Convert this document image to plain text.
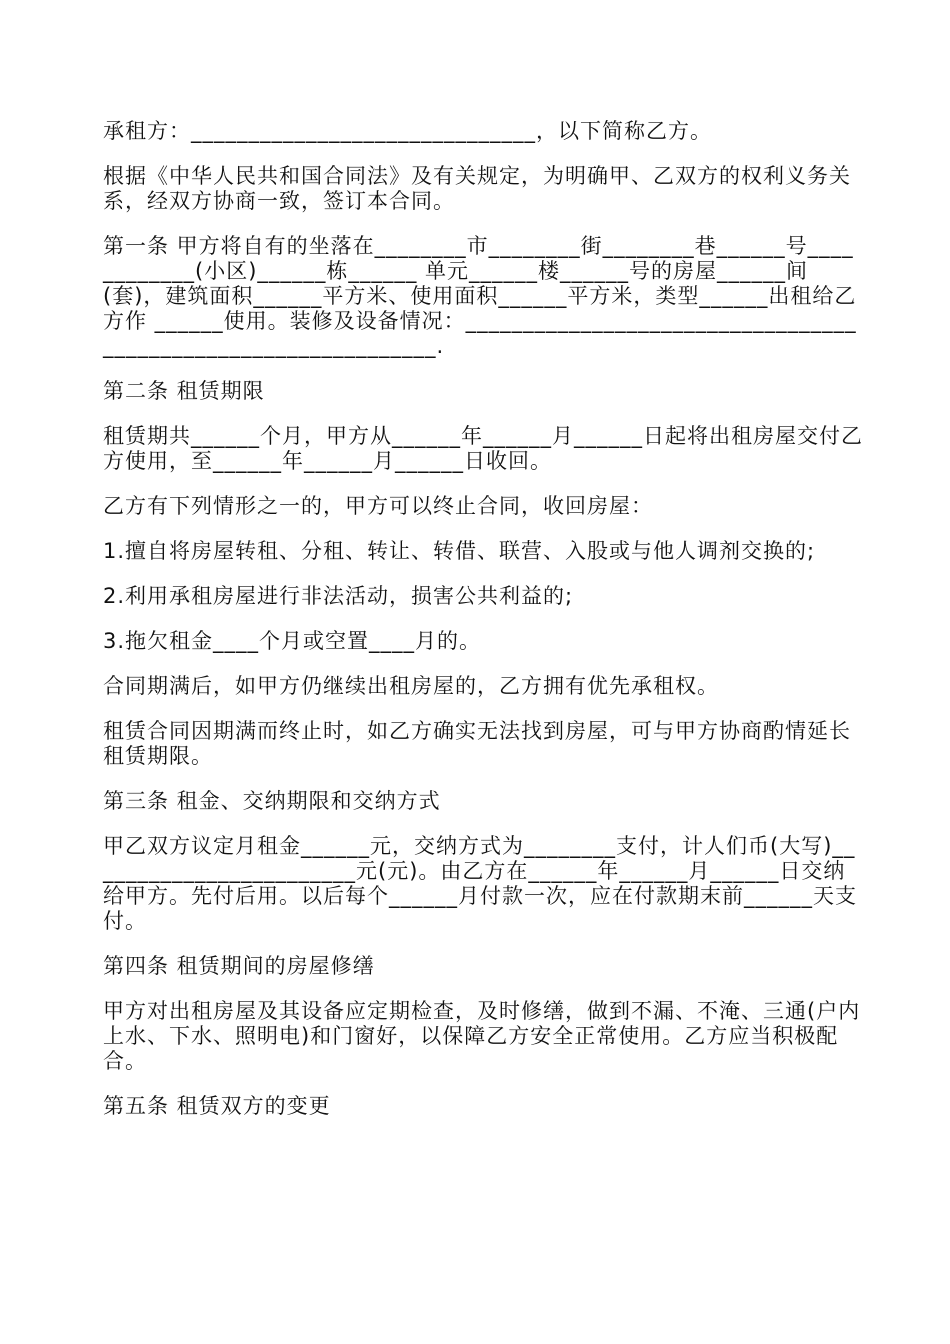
承租方：______________________________，以下简称乙方。

根据《中华人民共和国合同法》及有关规定，为明确甲、乙双方的权利义务关系，经双方协商一致，签订本合同。

第一条 甲方将自有的坐落在________市________街________巷______号____________(小区)______栋______ 单元______楼______号的房屋______间(套)，建筑面积______平方米、使用面积______平方米，类型______出租给乙方作 ______使用。装修及设备情况：_______________________________________________________________.

第二条 租赁期限

租赁期共______个月，甲方从______年______月______日起将出租房屋交付乙方使用，至______年______月______日收回。

乙方有下列情形之一的，甲方可以终止合同，收回房屋：

1.擅自将房屋转租、分租、转让、转借、联营、入股或与他人调剂交换的;

2.利用承租房屋进行非法活动，损害公共利益的;

3.拖欠租金____个月或空置____月的。

合同期满后，如甲方仍继续出租房屋的，乙方拥有优先承租权。

租赁合同因期满而终止时，如乙方确实无法找到房屋，可与甲方协商酌情延长租赁期限。

第三条 租金、交纳期限和交纳方式

甲乙双方议定月租金______元，交纳方式为________支付，计人们币(大写)________________________元(元)。由乙方在______年______月______日交纳给甲方。先付后用。以后每个______月付款一次，应在付款期末前______天支付。

第四条 租赁期间的房屋修缮

甲方对出租房屋及其设备应定期检查，及时修缮，做到不漏、不淹、三通(户内上水、下水、照明电)和门窗好，以保障乙方安全正常使用。乙方应当积极配合。

第五条 租赁双方的变更
